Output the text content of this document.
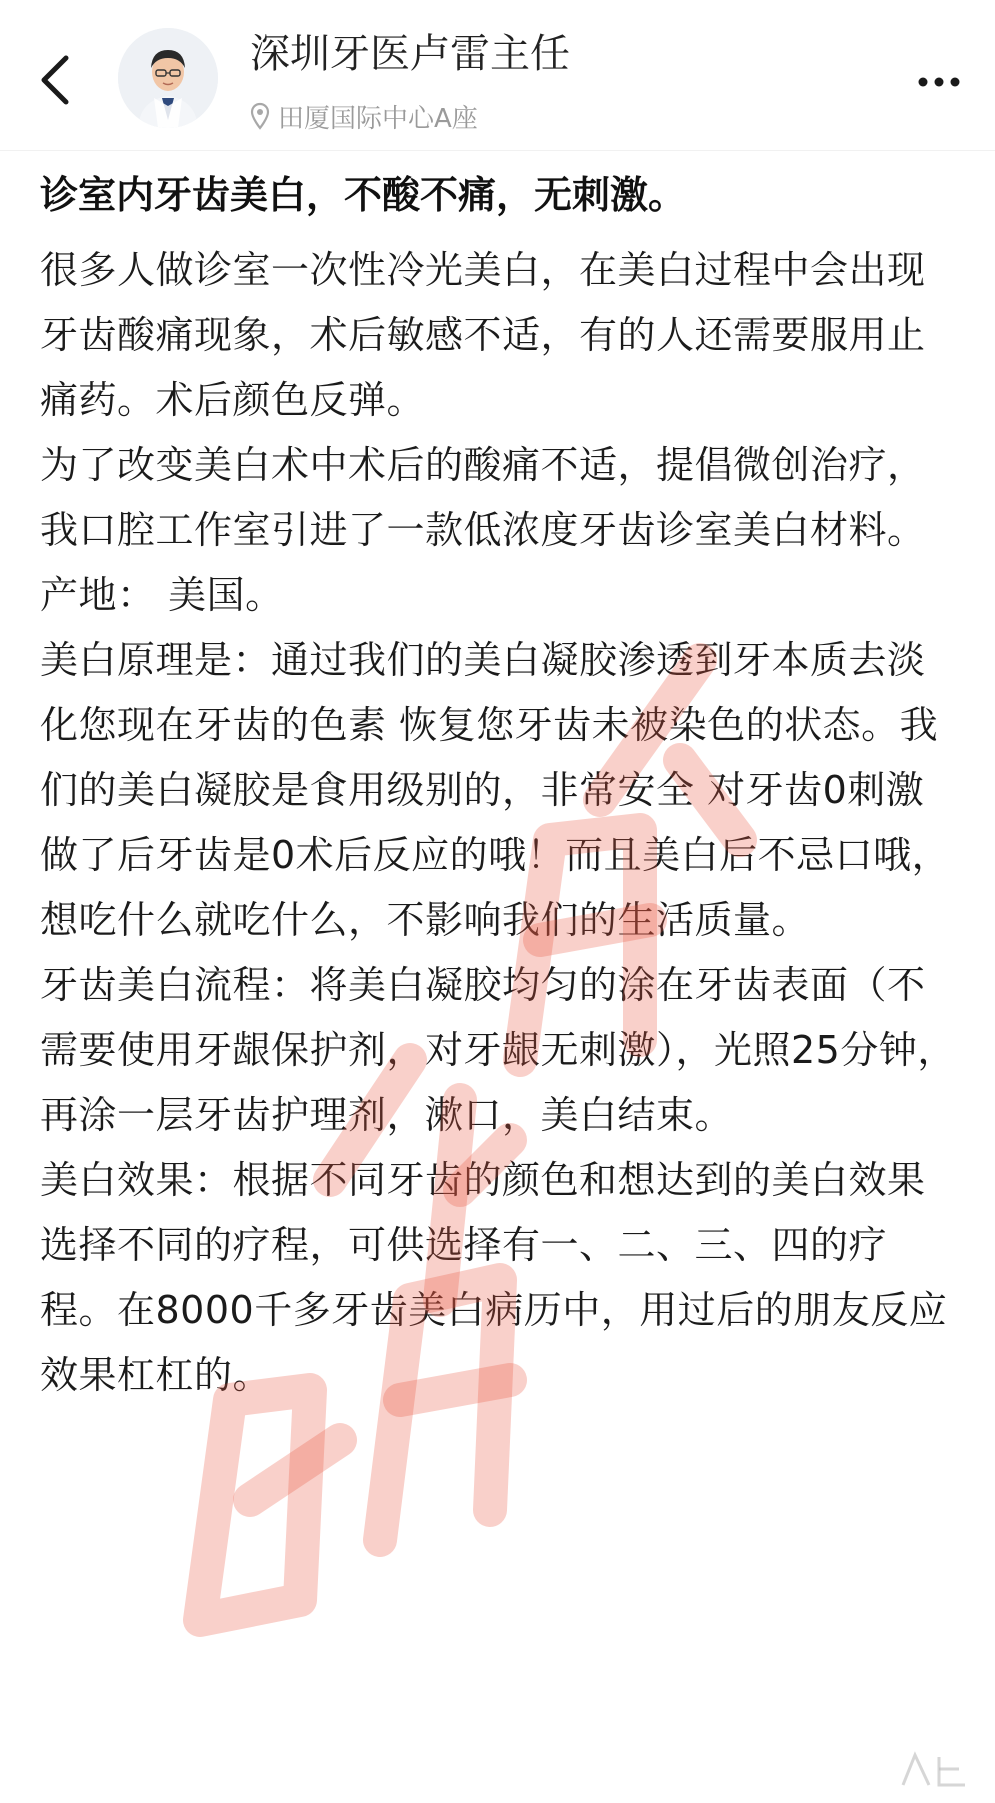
深圳牙医卢雷主任
田厦国际中心A座
诊室内牙齿美白，不酸不痛，无刺激。

很多人做诊室一次性冷光美白，在美白过程中会出现牙齿酸痛现象，术后敏感不适，有的人还需要服用止痛药。术后颜色反弹。

为了改变美白术中术后的酸痛不适，提倡微创治疗，我口腔工作室引进了一款低浓度牙齿诊室美白材料。

产地： 美国。

美白原理是：通过我们的美白凝胶渗透到牙本质去淡化您现在牙齿的色素 恢复您牙齿未被染色的状态。我们的美白凝胶是食用级别的，非常安全 对牙齿0刺激 做了后牙齿是0术后反应的哦！而且美白后不忌口哦，想吃什么就吃什么，不影响我们的生活质量。

牙齿美白流程：将美白凝胶均匀的涂在牙齿表面（不需要使用牙龈保护剂，对牙龈无刺激），光照25分钟，再涂一层牙齿护理剂，漱口，美白结束。

美白效果：根据不同牙齿的颜色和想达到的美白效果选择不同的疗程，可供选择有一、二、三、四的疗程。在8000千多牙齿美白病历中，用过后的朋友反应效果杠杠的。
